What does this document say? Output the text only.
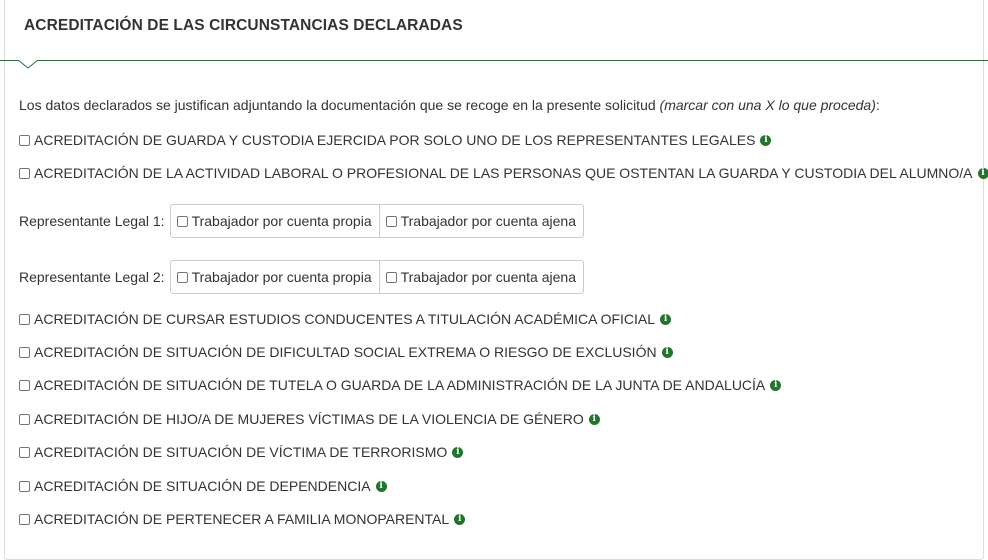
ACREDITACIÓN DE LAS CIRCUNSTANCIAS DECLARADAS
Los datos declarados se justifican adjuntando la documentación que se recoge en la presente solicitud (marcar con una X lo que proceda):
ACREDITACIÓN DE GUARDA Y CUSTODIA EJERCIDA POR SOLO UNO DE LOS REPRESENTANTES LEGALES i
ACREDITACIÓN DE LA ACTIVIDAD LABORAL O PROFESIONAL DE LAS PERSONAS QUE OSTENTAN LA GUARDA Y CUSTODIA DEL ALUMNO/A i
Representante Legal 1: Trabajador por cuenta propia Trabajador por cuenta ajena
Representante Legal 2: Trabajador por cuenta propia Trabajador por cuenta ajena
ACREDITACIÓN DE CURSAR ESTUDIOS CONDUCENTES A TITULACIÓN ACADÉMICA OFICIAL i
ACREDITACIÓN DE SITUACIÓN DE DIFICULTAD SOCIAL EXTREMA O RIESGO DE EXCLUSIÓN i
ACREDITACIÓN DE SITUACIÓN DE TUTELA O GUARDA DE LA ADMINISTRACIÓN DE LA JUNTA DE ANDALUCÍA i
ACREDITACIÓN DE HIJO/A DE MUJERES VÍCTIMAS DE LA VIOLENCIA DE GÉNERO i
ACREDITACIÓN DE SITUACIÓN DE VÍCTIMA DE TERRORISMO i
ACREDITACIÓN DE SITUACIÓN DE DEPENDENCIA i
ACREDITACIÓN DE PERTENECER A FAMILIA MONOPARENTAL i
